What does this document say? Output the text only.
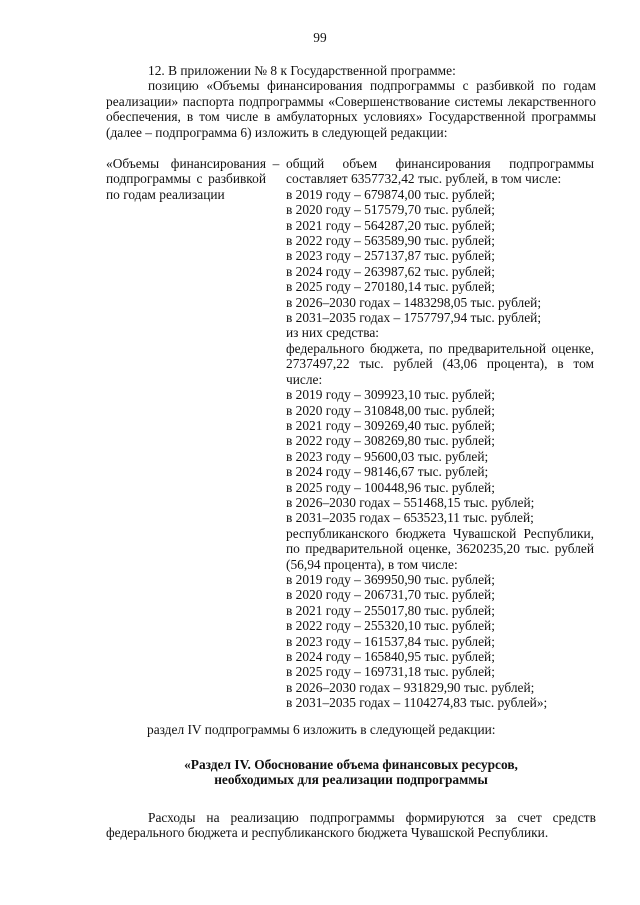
99
12. В приложении № 8 к Государственной программе:
позицию «Объемы финансирования подпрограммы с разбивкой по годам реализации» паспорта подпрограммы «Совершенствование системы лекарственного обеспечения, в том числе в амбулаторных условиях» Государственной программы (далее – подпрограмма 6) изложить в следующей редакции:
«Объемы финансирования подпрограммы с разбивкой по годам реализации
– общий объем финансирования подпрограммы составляет 6357732,42 тыс. рублей, в том числе:
в 2019 году – 679874,00 тыс. рублей;
в 2020 году – 517579,70 тыс. рублей;
в 2021 году – 564287,20 тыс. рублей;
в 2022 году – 563589,90 тыс. рублей;
в 2023 году – 257137,87 тыс. рублей;
в 2024 году – 263987,62 тыс. рублей;
в 2025 году – 270180,14 тыс. рублей;
в 2026–2030 годах – 1483298,05 тыс. рублей;
в 2031–2035 годах – 1757797,94 тыс. рублей;
из них средства:
федерального бюджета, по предварительной оценке, 2737497,22 тыс. рублей (43,06 процента), в том числе:
в 2019 году – 309923,10 тыс. рублей;
в 2020 году – 310848,00 тыс. рублей;
в 2021 году – 309269,40 тыс. рублей;
в 2022 году – 308269,80 тыс. рублей;
в 2023 году – 95600,03 тыс. рублей;
в 2024 году – 98146,67 тыс. рублей;
в 2025 году – 100448,96 тыс. рублей;
в 2026–2030 годах – 551468,15 тыс. рублей;
в 2031–2035 годах – 653523,11 тыс. рублей;
республиканского бюджета Чувашской Республики, по предварительной оценке, 3620235,20 тыс. рублей (56,94 процента), в том числе:
в 2019 году – 369950,90 тыс. рублей;
в 2020 году – 206731,70 тыс. рублей;
в 2021 году – 255017,80 тыс. рублей;
в 2022 году – 255320,10 тыс. рублей;
в 2023 году – 161537,84 тыс. рублей;
в 2024 году – 165840,95 тыс. рублей;
в 2025 году – 169731,18 тыс. рублей;
в 2026–2030 годах – 931829,90 тыс. рублей;
в 2031–2035 годах – 1104274,83 тыс. рублей»;
раздел IV подпрограммы 6 изложить в следующей редакции:
«Раздел IV. Обоснование объема финансовых ресурсов,
необходимых для реализации подпрограммы
Расходы на реализацию подпрограммы формируются за счет средств федерального бюджета и республиканского бюджета Чувашской Республики.
